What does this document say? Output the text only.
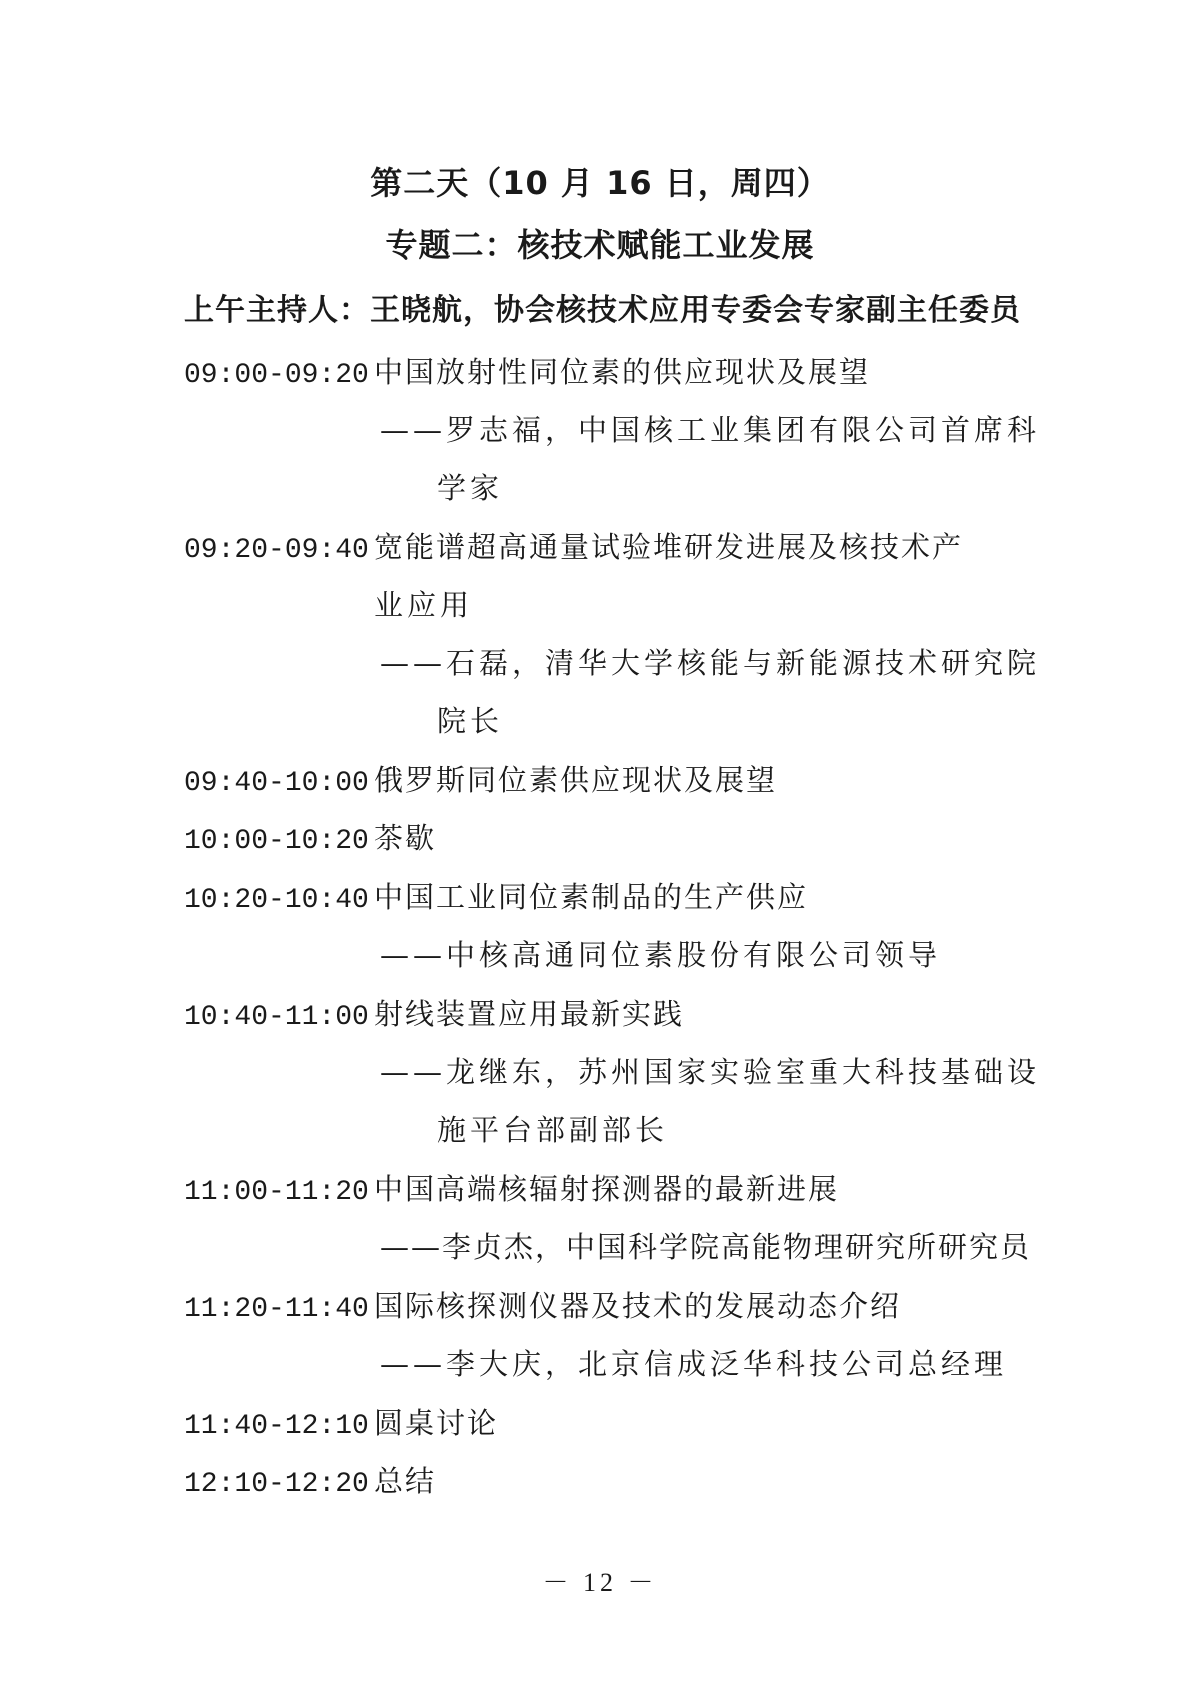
第二天（10 月 16 日，周四）
专题二：核技术赋能工业发展
上午主持人：王晓航，协会核技术应用专委会专家副主任委员
09:00-09:20 中国放射性同位素的供应现状及展望
——罗志福，中国核工业集团有限公司首席科
学家
09:20-09:40 宽能谱超高通量试验堆研发进展及核技术产
业应用
——石磊，清华大学核能与新能源技术研究院
院长
09:40-10:00 俄罗斯同位素供应现状及展望
10:00-10:20 茶歇
10:20-10:40 中国工业同位素制品的生产供应
——中核高通同位素股份有限公司领导
10:40-11:00 射线装置应用最新实践
——龙继东，苏州国家实验室重大科技基础设
施平台部副部长
11:00-11:20 中国高端核辐射探测器的最新进展
——李贞杰，中国科学院高能物理研究所研究员
11:20-11:40 国际核探测仪器及技术的发展动态介绍
——李大庆，北京信成泛华科技公司总经理
11:40-12:10 圆桌讨论
12:10-12:20 总结
－ 12 －
